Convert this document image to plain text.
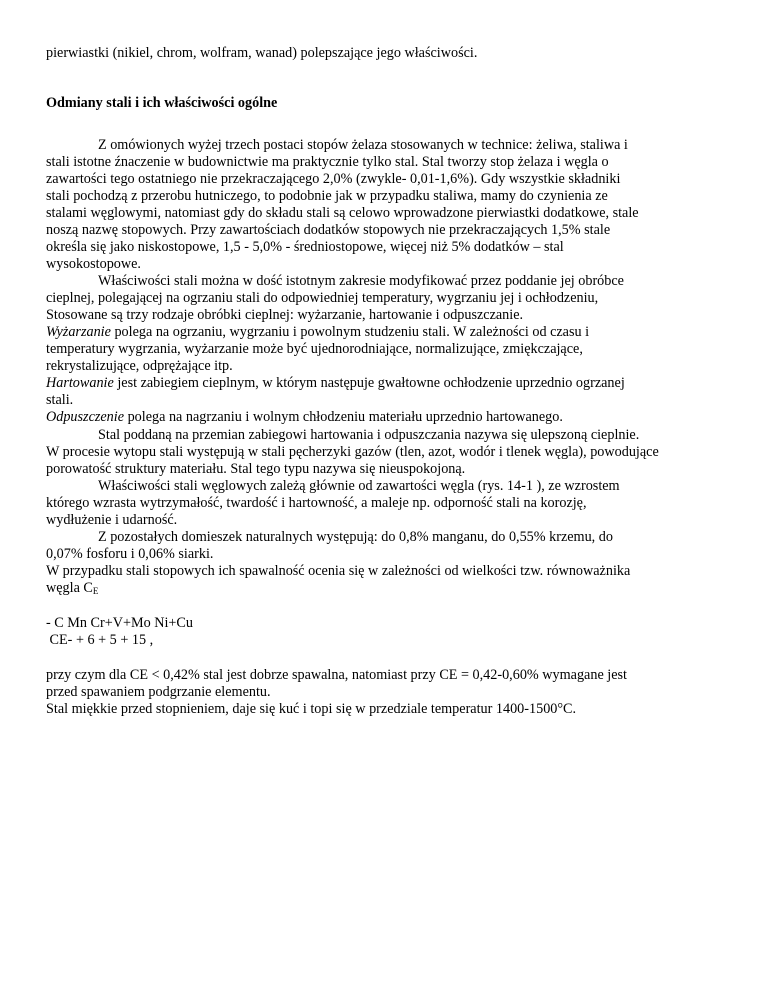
pierwiastki (nikiel, chrom, wolfram, wanad) polepszające jego właściwości.
Odmiany stali i ich właściwości ogólne
Z omówionych wyżej trzech postaci stopów żelaza stosowanych w technice: żeliwa, staliwa i
stali istotne źnaczenie w budownictwie ma praktycznie tylko stal. Stal tworzy stop żelaza i węgla o
zawartości tego ostatniego nie przekraczającego 2,0% (zwykle- 0,01-1,6%). Gdy wszystkie składniki
stali pochodzą z przerobu hutniczego, to podobnie jak w przypadku staliwa, mamy do czynienia ze
stalami węglowymi, natomiast gdy do składu stali są celowo wprowadzone pierwiastki dodatkowe, stale
noszą nazwę stopowych. Przy zawartościach dodatków stopowych nie przekraczających 1,5% stale
określa się jako niskostopowe, 1,5 - 5,0% - średniostopowe, więcej niż 5% dodatków – stal
wysokostopowe.
Właściwości stali można w dość istotnym zakresie modyfikować przez poddanie jej obróbce
cieplnej, polegającej na ogrzaniu stali do odpowiedniej temperatury, wygrzaniu jej i ochłodzeniu,
Stosowane są trzy rodzaje obróbki cieplnej: wyżarzanie, hartowanie i odpuszczanie.
Wyżarzanie polega na ogrzaniu, wygrzaniu i powolnym studzeniu stali. W zależności od czasu i
temperatury wygrzania, wyżarzanie może być ujednorodniające, normalizujące, zmiękczające,
rekrystalizujące, odprężające itp.
Hartowanie jest zabiegiem cieplnym, w którym następuje gwałtowne ochłodzenie uprzednio ogrzanej
stali.
Odpuszczenie polega na nagrzaniu i wolnym chłodzeniu materiału uprzednio hartowanego.
Stal poddaną na przemian zabiegowi hartowania i odpuszczania nazywa się ulepszoną cieplnie.
W procesie wytopu stali występują w stali pęcherzyki gazów (tlen, azot, wodór i tlenek węgla), powodujące
porowatość struktury materiału. Stal tego typu nazywa się nieuspokojoną.
Właściwości stali węglowych zależą głównie od zawartości węgla (rys. 14-1 ), ze wzrostem
którego wzrasta wytrzymałość, twardość i hartowność, a maleje np. odporność stali na korozję,
wydłużenie i udarność.
Z pozostałych domieszek naturalnych występują: do 0,8% manganu, do 0,55% krzemu, do
0,07% fosforu i 0,06% siarki.
W przypadku stali stopowych ich spawalność ocenia się w zależności od wielkości tzw. równoważnika
węgla $C_E$
- C Mn Cr+V+Mo Ni+Cu
CE- + 6 + 5 + 15 ,
przy czym dla CE < 0,42% stal jest dobrze spawalna, natomiast przy CE = 0,42-0,60% wymagane jest
przed spawaniem podgrzanie elementu.
Stal miękkie przed stopnieniem, daje się kuć i topi się w przedziale temperatur 1400-1500°C.
